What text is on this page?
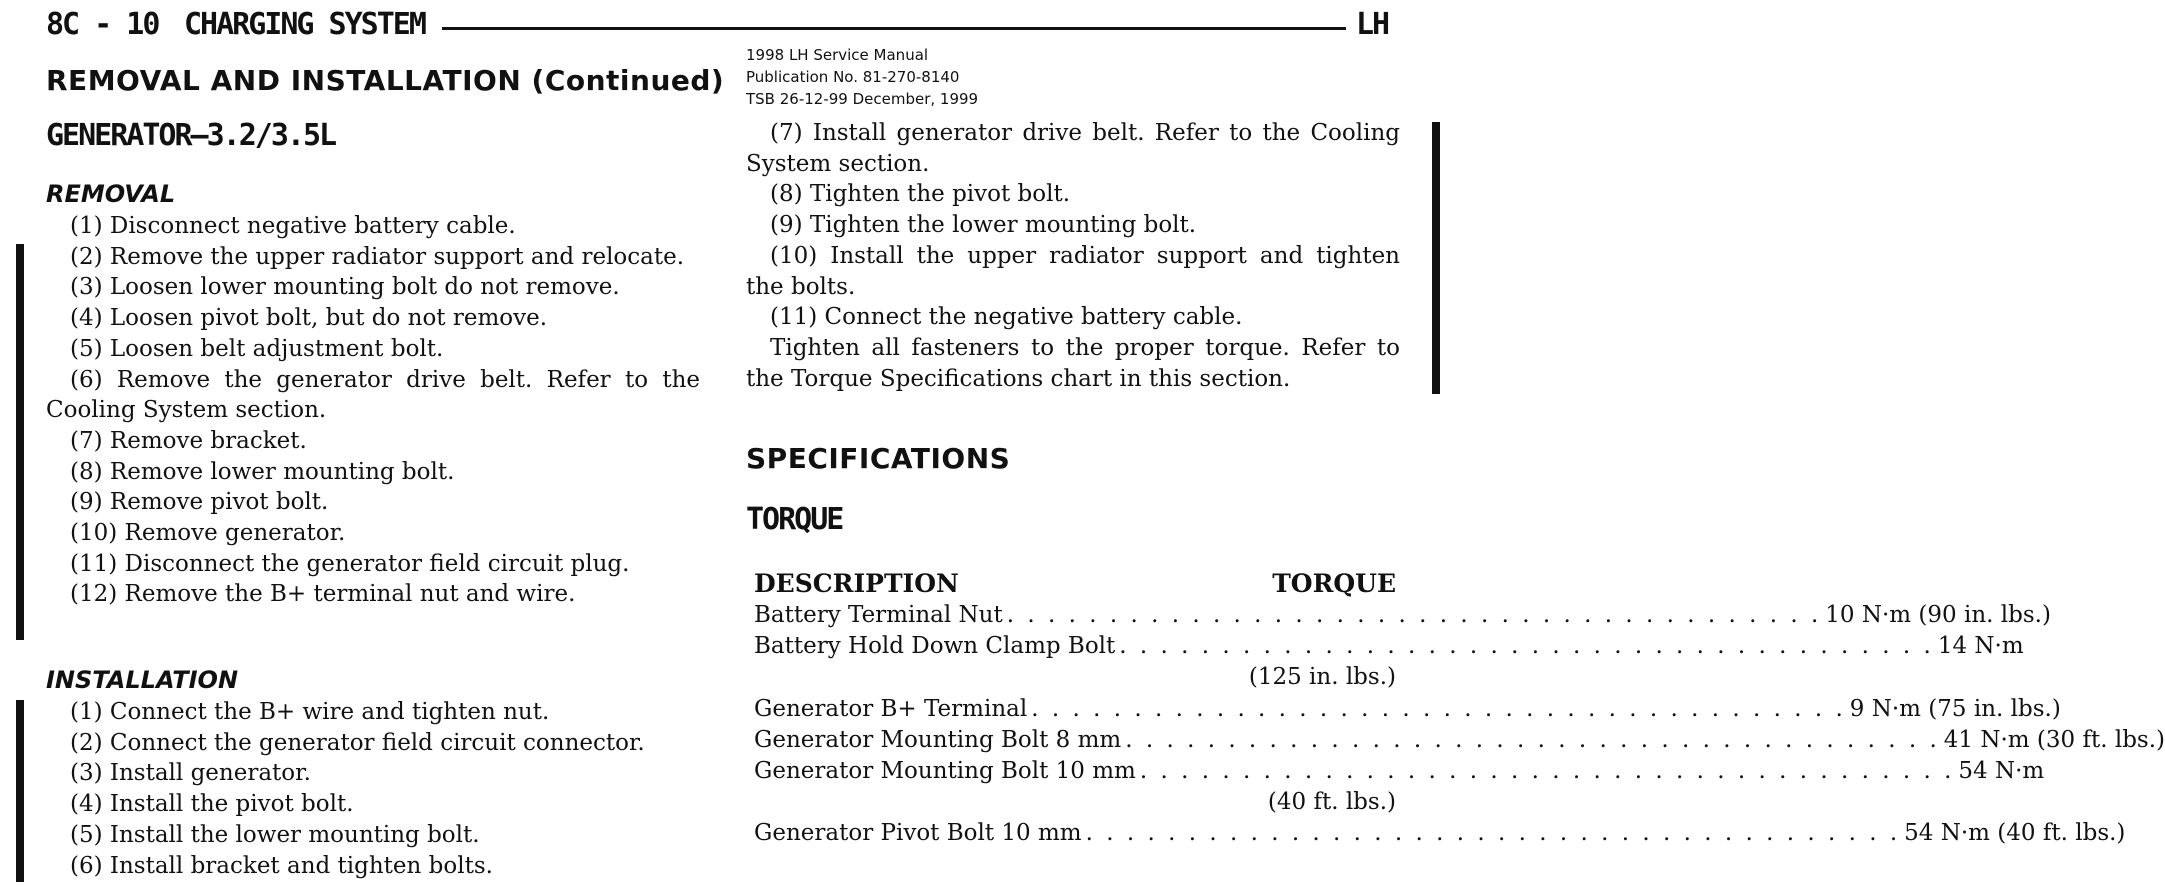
8C - 10 CHARGING SYSTEM	LH
1998 LH Service Manual
Publication No. 81-270-8140
TSB 26-12-99 December, 1999
REMOVAL AND INSTALLATION (Continued)
GENERATOR—3.2/3.5L
REMOVAL

(1) Disconnect negative battery cable.

(2) Remove the upper radiator support and relocate.

(3) Loosen lower mounting bolt do not remove.

(4) Loosen pivot bolt, but do not remove.

(5) Loosen belt adjustment bolt.

(6) Remove the generator drive belt. Refer to the Cooling System section.

(7) Remove bracket.

(8) Remove lower mounting bolt.

(9) Remove pivot bolt.

(10) Remove generator.

(11) Disconnect the generator field circuit plug.

(12) Remove the B+ terminal nut and wire.

INSTALLATION

(1) Connect the B+ wire and tighten nut.

(2) Connect the generator field circuit connector.

(3) Install generator.

(4) Install the pivot bolt.

(5) Install the lower mounting bolt.

(6) Install bracket and tighten bolts.

(7) Install generator drive belt. Refer to the Cooling System section.

(8) Tighten the pivot bolt.

(9) Tighten the lower mounting bolt.

(10) Install the upper radiator support and tighten the bolts.

(11) Connect the negative battery cable.

Tighten all fasteners to the proper torque. Refer to the Torque Specifications chart in this section.

SPECIFICATIONS
TORQUE
DESCRIPTION	TORQUE
Battery Terminal Nut . . . . . . . . . . . . . . . . . . . . . . . . . . . . . . . . . . . . . . . . 10 N·m (90 in. lbs.)
Battery Hold Down Clamp Bolt . . . . . . . . . . . . . . . . . . . . . . . . . . . . . . . . . . . . . . . . 14 N·m
(125 in. lbs.)
Generator B+ Terminal . . . . . . . . . . . . . . . . . . . . . . . . . . . . . . . . . . . . . . . . 9 N·m (75 in. lbs.)
Generator Mounting Bolt 8 mm . . . . . . . . . . . . . . . . . . . . . . . . . . . . . . . . . . . . . . . . 41 N·m (30 ft. lbs.)
Generator Mounting Bolt 10 mm . . . . . . . . . . . . . . . . . . . . . . . . . . . . . . . . . . . . . . . . 54 N·m
(40 ft. lbs.)
Generator Pivot Bolt 10 mm . . . . . . . . . . . . . . . . . . . . . . . . . . . . . . . . . . . . . . . . 54 N·m (40 ft. lbs.)
